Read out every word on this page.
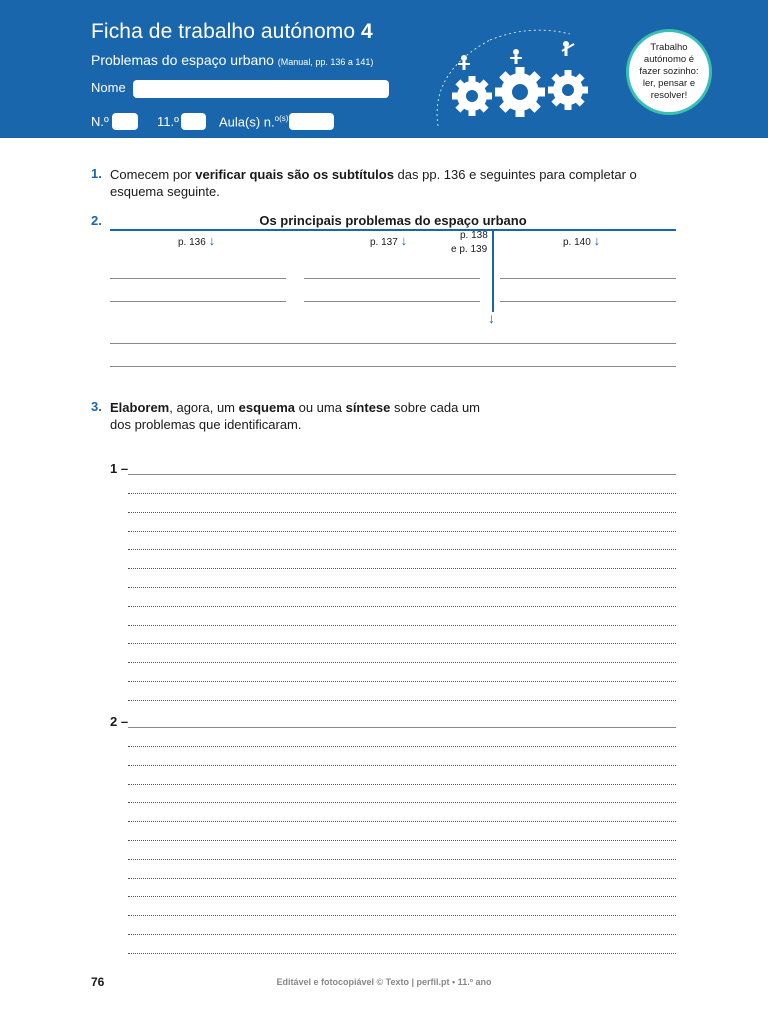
Ficha de trabalho autónomo 4
Problemas do espaço urbano (Manual, pp. 136 a 141)
Nome
N.º	11.º	Aula(s) n.$^{o(s)}$
Trabalho autónomo é fazer sozinho: ler, pensar e resolver!
1. Comecem por verificar quais são os subtítulos das pp. 136 e seguintes para completar o esquema seguinte.
2.	Os principais problemas do espaço urbano
↓
p. 136 ↓	p. 137 ↓	p. 138
e p. 139
p. 140 ↓
3. Elaborem, agora, um esquema ou uma síntese sobre cada um
dos problemas que identificaram.
1 –
2 –
76	Editável e fotocopiável © Texto | perfil.pt • 11.º ano
